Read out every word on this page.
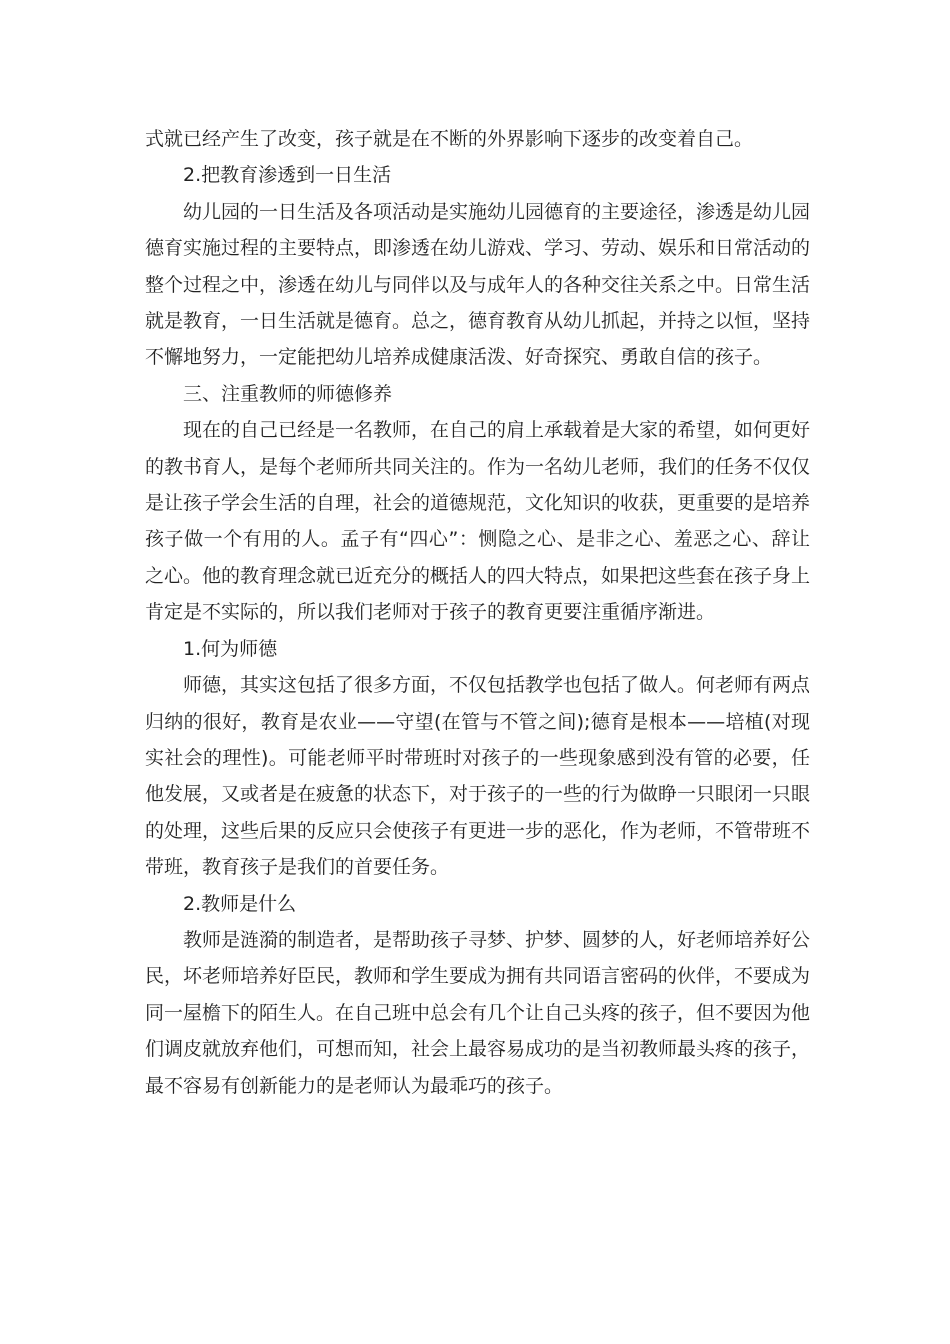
式就已经产生了改变，孩子就是在不断的外界影响下逐步的改变着自己。

2.把教育渗透到一日生活

幼儿园的一日生活及各项活动是实施幼儿园德育的主要途径，渗透是幼儿园德育实施过程的主要特点，即渗透在幼儿游戏、学习、劳动、娱乐和日常活动的整个过程之中，渗透在幼儿与同伴以及与成年人的各种交往关系之中。日常生活就是教育，一日生活就是德育。总之，德育教育从幼儿抓起，并持之以恒，坚持不懈地努力，一定能把幼儿培养成健康活泼、好奇探究、勇敢自信的孩子。

三、注重教师的师德修养

现在的自己已经是一名教师，在自己的肩上承载着是大家的希望，如何更好的教书育人，是每个老师所共同关注的。作为一名幼儿老师，我们的任务不仅仅是让孩子学会生活的自理，社会的道德规范，文化知识的收获，更重要的是培养孩子做一个有用的人。孟子有“四心”：恻隐之心、是非之心、羞恶之心、辞让之心。他的教育理念就已近充分的概括人的四大特点，如果把这些套在孩子身上肯定是不实际的，所以我们老师对于孩子的教育更要注重循序渐进。

1.何为师德

师德，其实这包括了很多方面，不仅包括教学也包括了做人。何老师有两点归纳的很好，教育是农业——守望(在管与不管之间);德育是根本——培植(对现实社会的理性)。可能老师平时带班时对孩子的一些现象感到没有管的必要，任他发展，又或者是在疲惫的状态下，对于孩子的一些的行为做睁一只眼闭一只眼的处理，这些后果的反应只会使孩子有更进一步的恶化，作为老师，不管带班不带班，教育孩子是我们的首要任务。

2.教师是什么

教师是涟漪的制造者，是帮助孩子寻梦、护梦、圆梦的人，好老师培养好公民，坏老师培养好臣民，教师和学生要成为拥有共同语言密码的伙伴，不要成为同一屋檐下的陌生人。在自己班中总会有几个让自己头疼的孩子，但不要因为他们调皮就放弃他们，可想而知，社会上最容易成功的是当初教师最头疼的孩子，最不容易有创新能力的是老师认为最乖巧的孩子。
